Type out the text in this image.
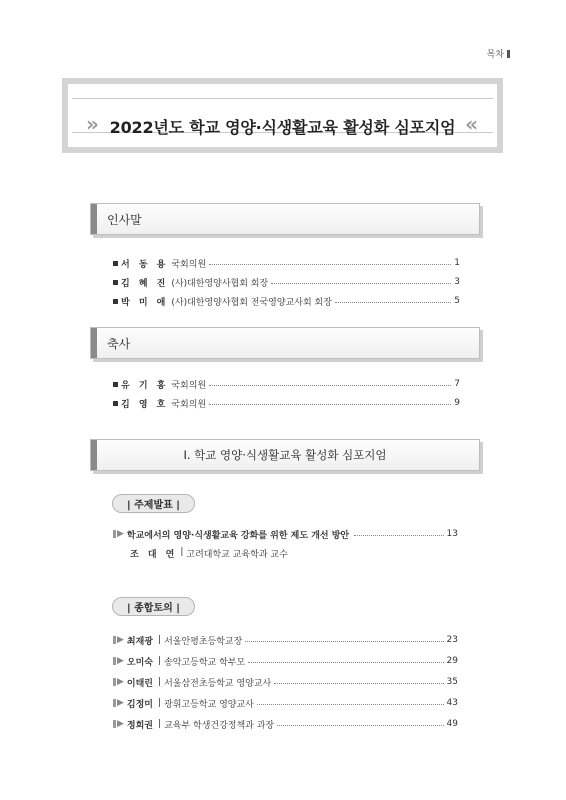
목차
»	2022년도 학교 영양·식생활교육 활성화 심포지엄 «
인사말
서 동 용 국회의원	1
김 혜 진 (사)대한영양사협회 회장	3
박 미 애 (사)대한영양사협회 전국영양교사회 회장	5
축사
유 기 홍 국회의원	7
김 영 호 국회의원	9
Ⅰ. 학교 영양·식생활교육 활성화 심포지엄
| 주제발표 |
▶ 학교에서의 영양·식생활교육 강화를 위한 제도 개선 방안	13
조 대 연 | 고려대학교 교육학과 교수
| 종합토의 |
▶ 최재광 | 서울안평초등학교장	23
▶ 오미숙 | 송악고등학교 학부모	29
▶ 이태린 | 서울삼전초등학교 영양교사	35
▶ 김정미 | 광휘고등학교 영양교사	43
▶ 정희권 | 교육부 학생건강정책과 과장	49
